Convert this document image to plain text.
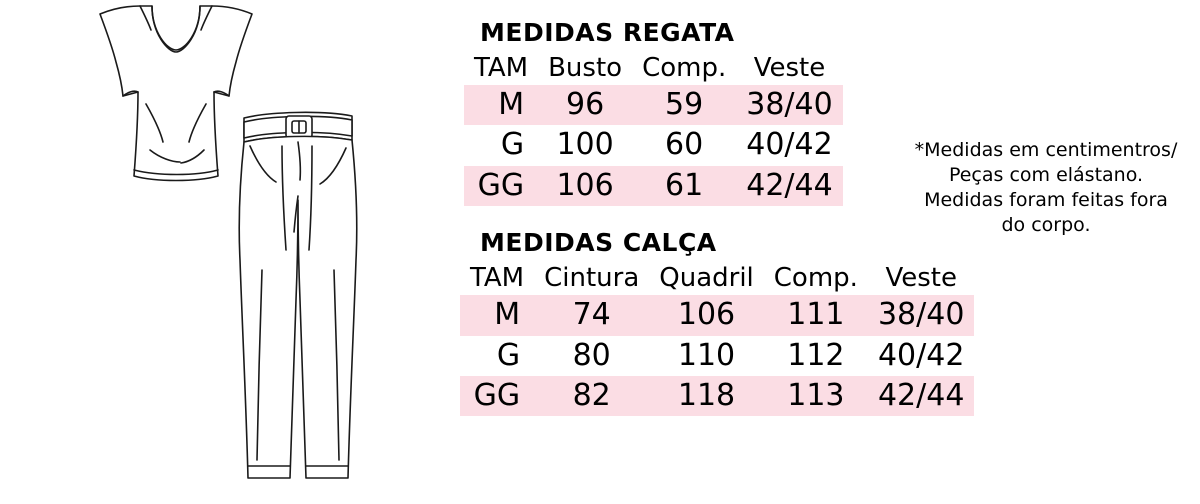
MEDIDAS REGATA
TAM	Busto	Comp.	Veste
M	96	59	38/40
G	100	60	40/42
GG	106	61	42/44
MEDIDAS CALÇA
TAM	Cintura	Quadril	Comp.	Veste
M	74	106	111	38/40
G	80	110	112	40/42
GG	82	118	113	42/44
*Medidas em centimentros/
Peças com elástano.
Medidas foram feitas fora
do corpo.
